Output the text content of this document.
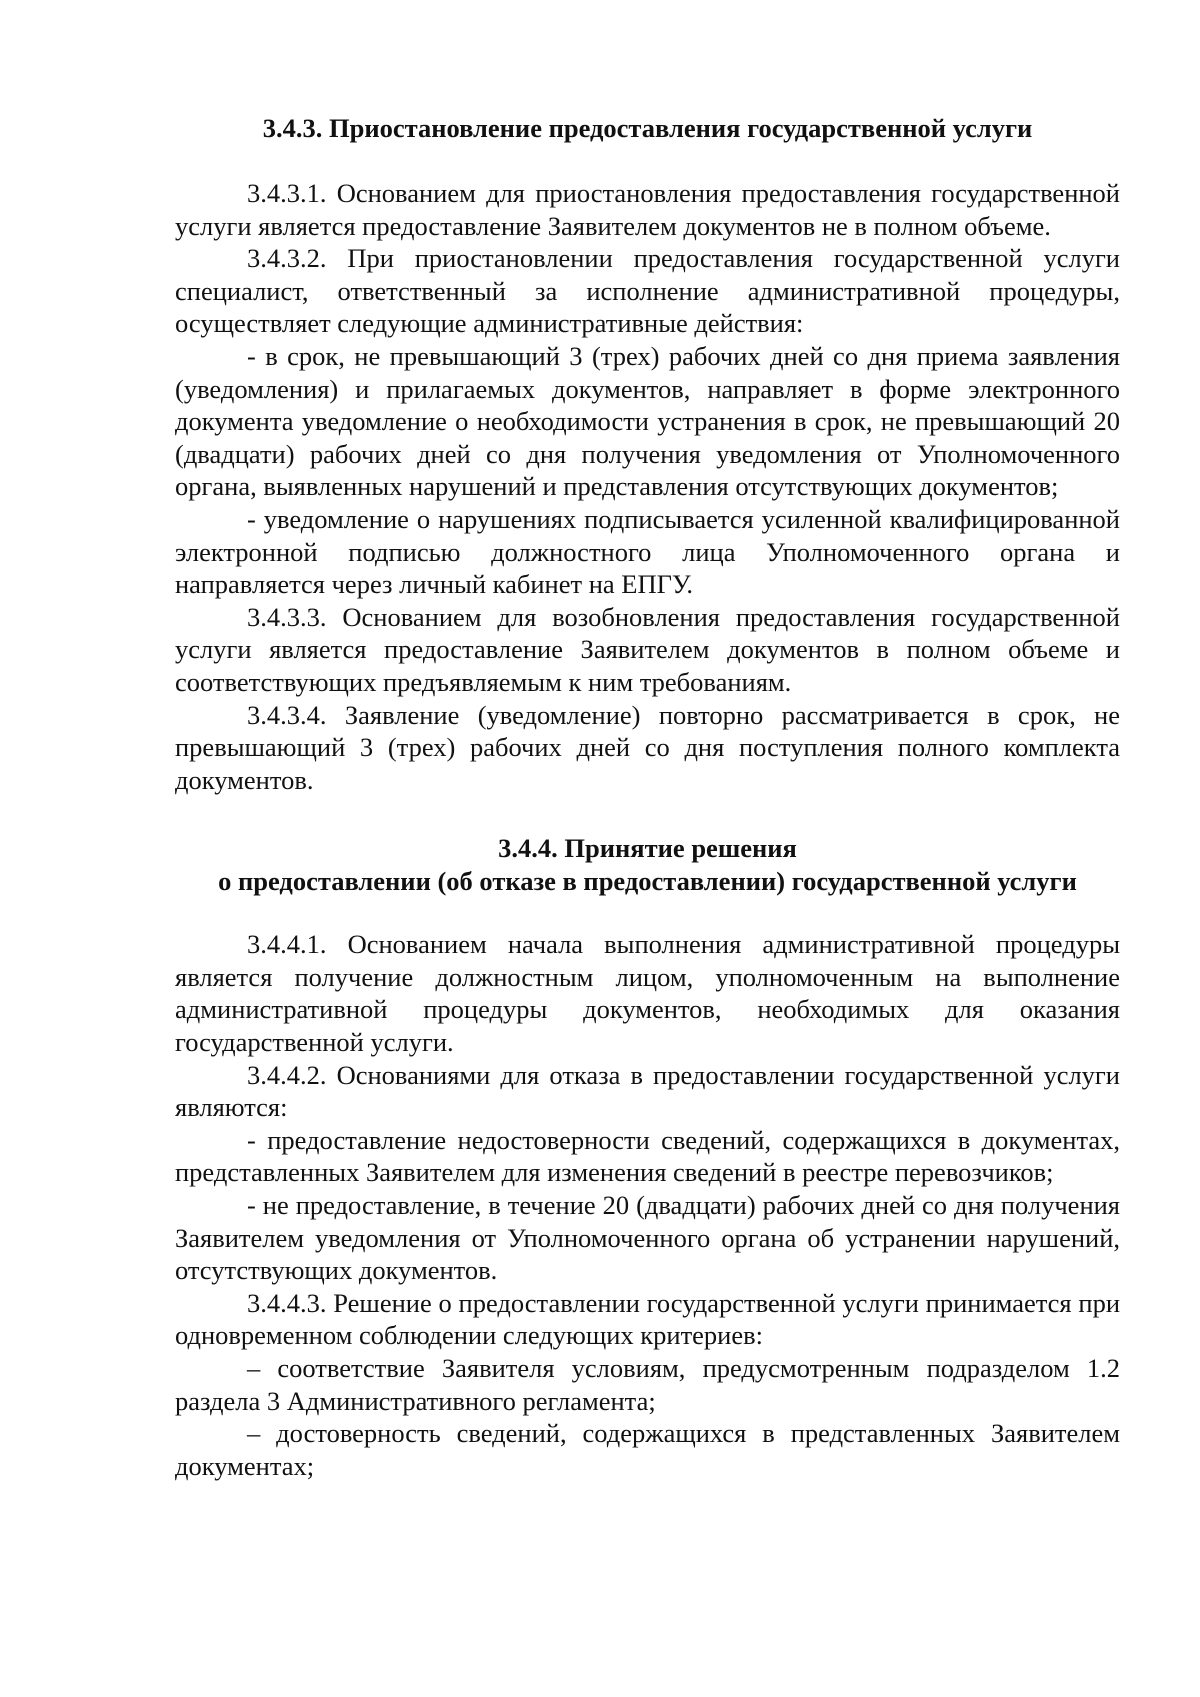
3.4.3. Приостановление предоставления государственной услуги

3.4.3.1. Основанием для приостановления предоставления государственной услуги является предоставление Заявителем документов не в полном объеме.

3.4.3.2. При приостановлении предоставления государственной услуги специалист, ответственный за исполнение административной процедуры, осуществляет следующие административные действия:

- в срок, не превышающий 3 (трех) рабочих дней со дня приема заявления (уведомления) и прилагаемых документов, направляет в форме электронного документа уведомление о необходимости устранения в срок, не превышающий 20 (двадцати) рабочих дней со дня получения уведомления от Уполномоченного органа, выявленных нарушений и представления отсутствующих документов;

- уведомление о нарушениях подписывается усиленной квалифицированной электронной подписью должностного лица Уполномоченного органа и направляется через личный кабинет на ЕПГУ.

3.4.3.3. Основанием для возобновления предоставления государственной услуги является предоставление Заявителем документов в полном объеме и соответствующих предъявляемым к ним требованиям.

3.4.3.4. Заявление (уведомление) повторно рассматривается в срок, не превышающий 3 (трех) рабочих дней со дня поступления полного комплекта документов.

3.4.4. Принятие решения

о предоставлении (об отказе в предоставлении) государственной услуги

3.4.4.1. Основанием начала выполнения административной процедуры является получение должностным лицом, уполномоченным на выполнение административной процедуры документов, необходимых для оказания государственной услуги.

3.4.4.2. Основаниями для отказа в предоставлении государственной услуги являются:

- предоставление недостоверности сведений, содержащихся в документах, представленных Заявителем для изменения сведений в реестре перевозчиков;

- не предоставление, в течение 20 (двадцати) рабочих дней со дня получения Заявителем уведомления от Уполномоченного органа об устранении нарушений, отсутствующих документов.

3.4.4.3. Решение о предоставлении государственной услуги принимается при одновременном соблюдении следующих критериев:

– соответствие Заявителя условиям, предусмотренным подразделом 1.2 раздела 3 Административного регламента;

– достоверность сведений, содержащихся в представленных Заявителем документах;
